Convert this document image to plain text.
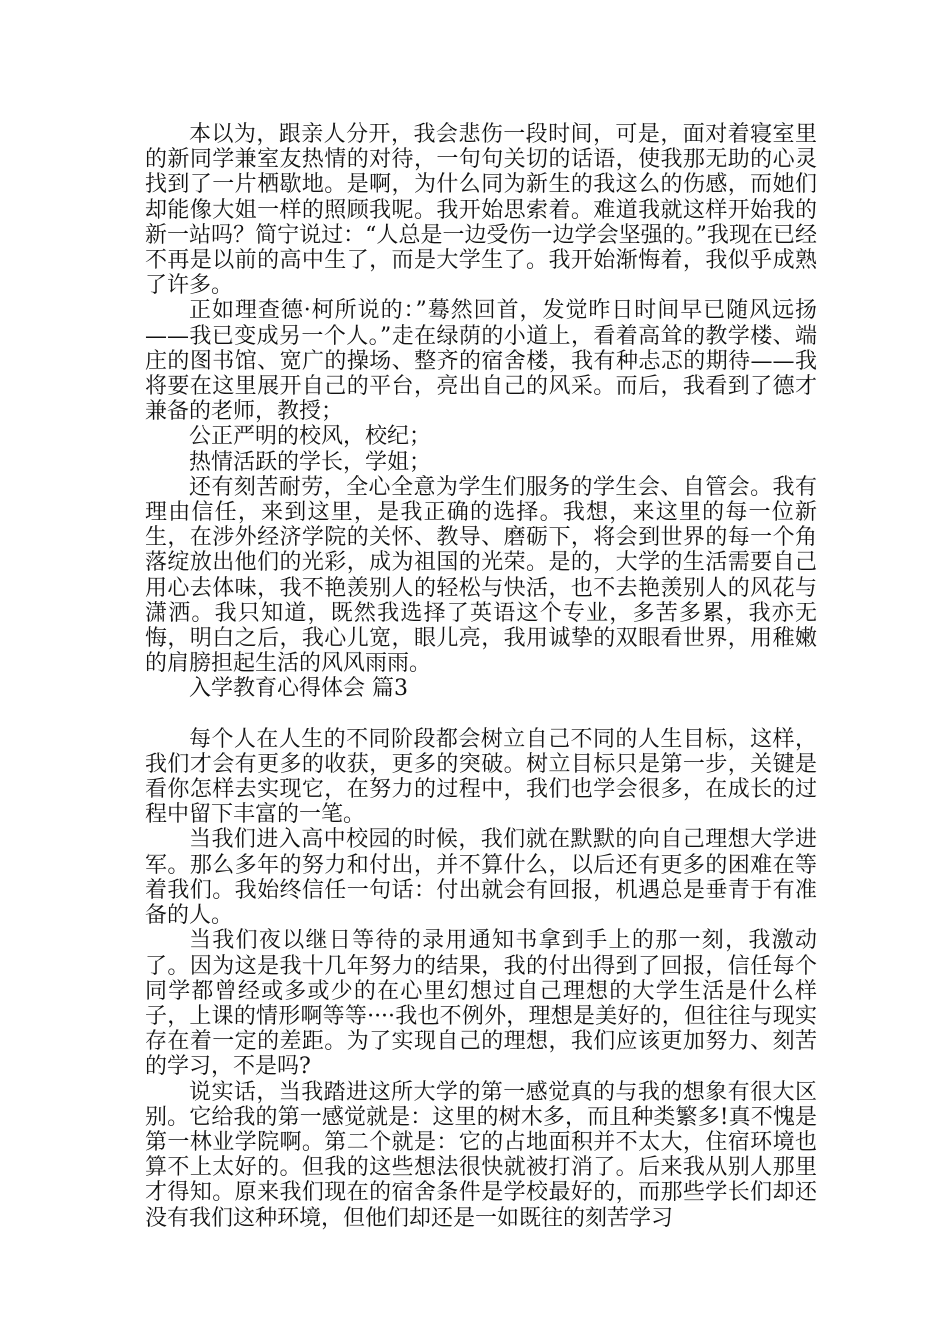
本以为，跟亲人分开，我会悲伤一段时间，可是，面对着寝室里的新同学兼室友热情的对待，一句句关切的话语，使我那无助的心灵找到了一片栖歇地。是啊，为什么同为新生的我这么的伤感，而她们却能像大姐一样的照顾我呢。我开始思索着。难道我就这样开始我的新一站吗？简宁说过：“人总是一边受伤一边学会坚强的。”我现在已经不再是以前的高中生了，而是大学生了。我开始渐悔着，我似乎成熟了许多。

正如理查德·柯所说的：”蓦然回首，发觉昨日时间早已随风远扬——我已变成另一个人。”走在绿荫的小道上，看着高耸的教学楼、端庄的图书馆、宽广的操场、整齐的宿舍楼，我有种忐忑的期待——我将要在这里展开自己的平台，亮出自己的风采。而后，我看到了德才兼备的老师，教授；

公正严明的校风，校纪；

热情活跃的学长，学姐；

还有刻苦耐劳，全心全意为学生们服务的学生会、自管会。我有理由信任，来到这里，是我正确的选择。我想，来这里的每一位新生，在涉外经济学院的关怀、教导、磨砺下，将会到世界的每一个角落绽放出他们的光彩，成为祖国的光荣。是的，大学的生活需要自己用心去体味，我不艳羡别人的轻松与快活，也不去艳羡别人的风花与潇洒。我只知道，既然我选择了英语这个专业，多苦多累，我亦无悔，明白之后，我心儿宽，眼儿亮，我用诚挚的双眼看世界，用稚嫩的肩膀担起生活的风风雨雨。

入学教育心得体会 篇3

每个人在人生的不同阶段都会树立自己不同的人生目标，这样，我们才会有更多的收获，更多的突破。树立目标只是第一步，关键是看你怎样去实现它，在努力的过程中，我们也学会很多，在成长的过程中留下丰富的一笔。

当我们进入高中校园的时候，我们就在默默的向自己理想大学进军。那么多年的努力和付出，并不算什么，以后还有更多的困难在等着我们。我始终信任一句话：付出就会有回报，机遇总是垂青于有准备的人。

当我们夜以继日等待的录用通知书拿到手上的那一刻，我激动了。因为这是我十几年努力的结果，我的付出得到了回报，信任每个同学都曾经或多或少的在心里幻想过自己理想的大学生活是什么样子，上课的情形啊等等····我也不例外，理想是美好的，但往往与现实存在着一定的差距。为了实现自己的理想，我们应该更加努力、刻苦的学习，不是吗?

说实话，当我踏进这所大学的第一感觉真的与我的想象有很大区别。它给我的第一感觉就是：这里的树木多，而且种类繁多!真不愧是第一林业学院啊。第二个就是：它的占地面积并不太大，住宿环境也算不上太好的。但我的这些想法很快就被打消了。后来我从别人那里才得知。原来我们现在的宿舍条件是学校最好的，而那些学长们却还没有我们这种环境，但他们却还是一如既往的刻苦学习
